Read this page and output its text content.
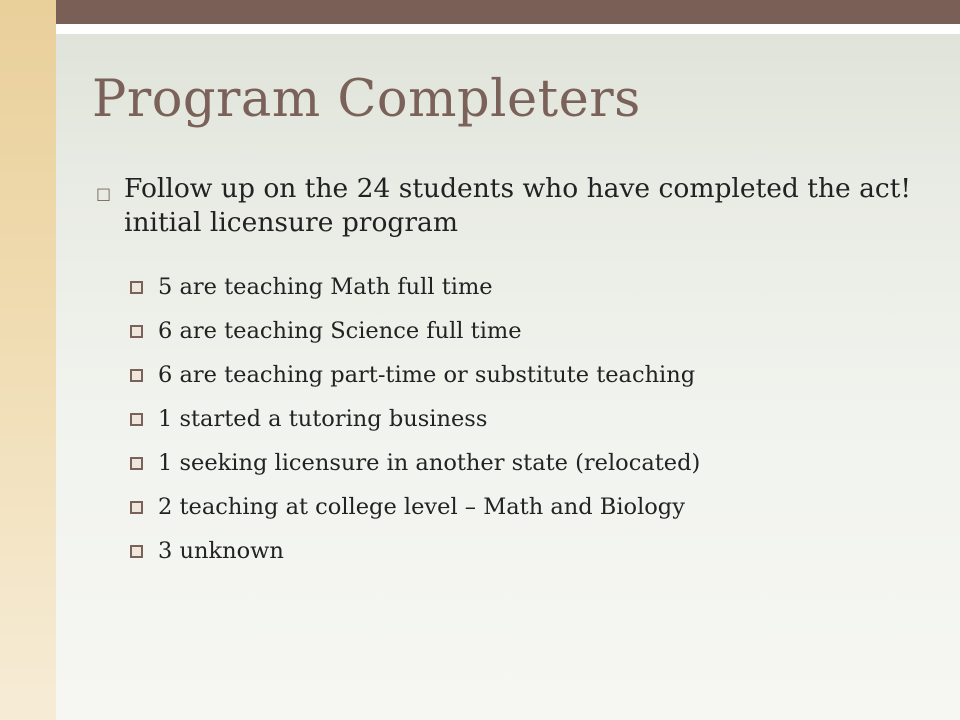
Program Completers
□ Follow up on the 24 students who have completed the act! initial licensure program
5 are teaching Math full time
6 are teaching Science full time
6 are teaching part-time or substitute teaching
1 started a tutoring business
1 seeking licensure in another state (relocated)
2 teaching at college level – Math and Biology
3 unknown
